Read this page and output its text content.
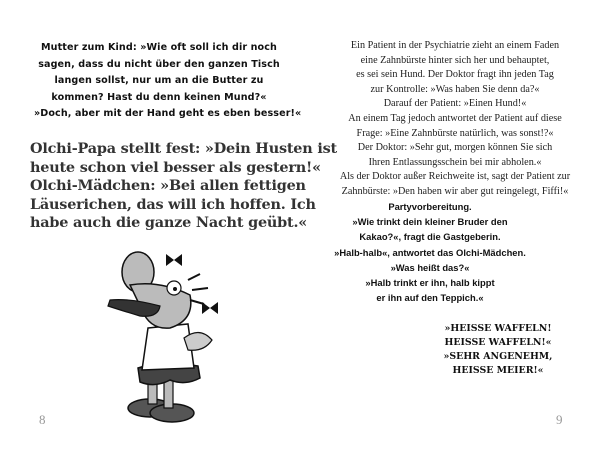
Mutter zum Kind: »Wie oft soll ich dir noch
sagen, dass du nicht über den ganzen Tisch
langen sollst, nur um an die Butter zu
kommen? Hast du denn keinen Mund?«
»Doch, aber mit der Hand geht es eben besser!«
Olchi-Papa stellt fest: »Dein Husten ist
heute schon viel besser als gestern!«
Olchi-Mädchen: »Bei allen fettigen
Läuserichen, das will ich hoffen. Ich
habe auch die ganze Nacht geübt.«
8
Ein Patient in der Psychiatrie zieht an einem Faden
eine Zahnbürste hinter sich her und behauptet,
es sei sein Hund. Der Doktor fragt ihn jeden Tag
zur Kontrolle: »Was haben Sie denn da?«
Darauf der Patient: »Einen Hund!«
An einem Tag jedoch antwortet der Patient auf diese
Frage: »Eine Zahnbürste natürlich, was sonst!?«
Der Doktor: »Sehr gut, morgen können Sie sich
Ihren Entlassungsschein bei mir abholen.«
Als der Doktor außer Reichweite ist, sagt der Patient zur
Zahnbürste: »Den haben wir aber gut reingelegt, Fiffi!«
Partyvorbereitung.
»Wie trinkt dein kleiner Bruder den
Kakao?«, fragt die Gastgeberin.
»Halb-halb«, antwortet das Olchi-Mädchen.
»Was heißt das?«
»Halb trinkt er ihn, halb kippt
er ihn auf den Teppich.«
»HEISSE WAFFELN!
HEISSE WAFFELN!«
»SEHR ANGENEHM,
HEISSE MEIER!«
9
